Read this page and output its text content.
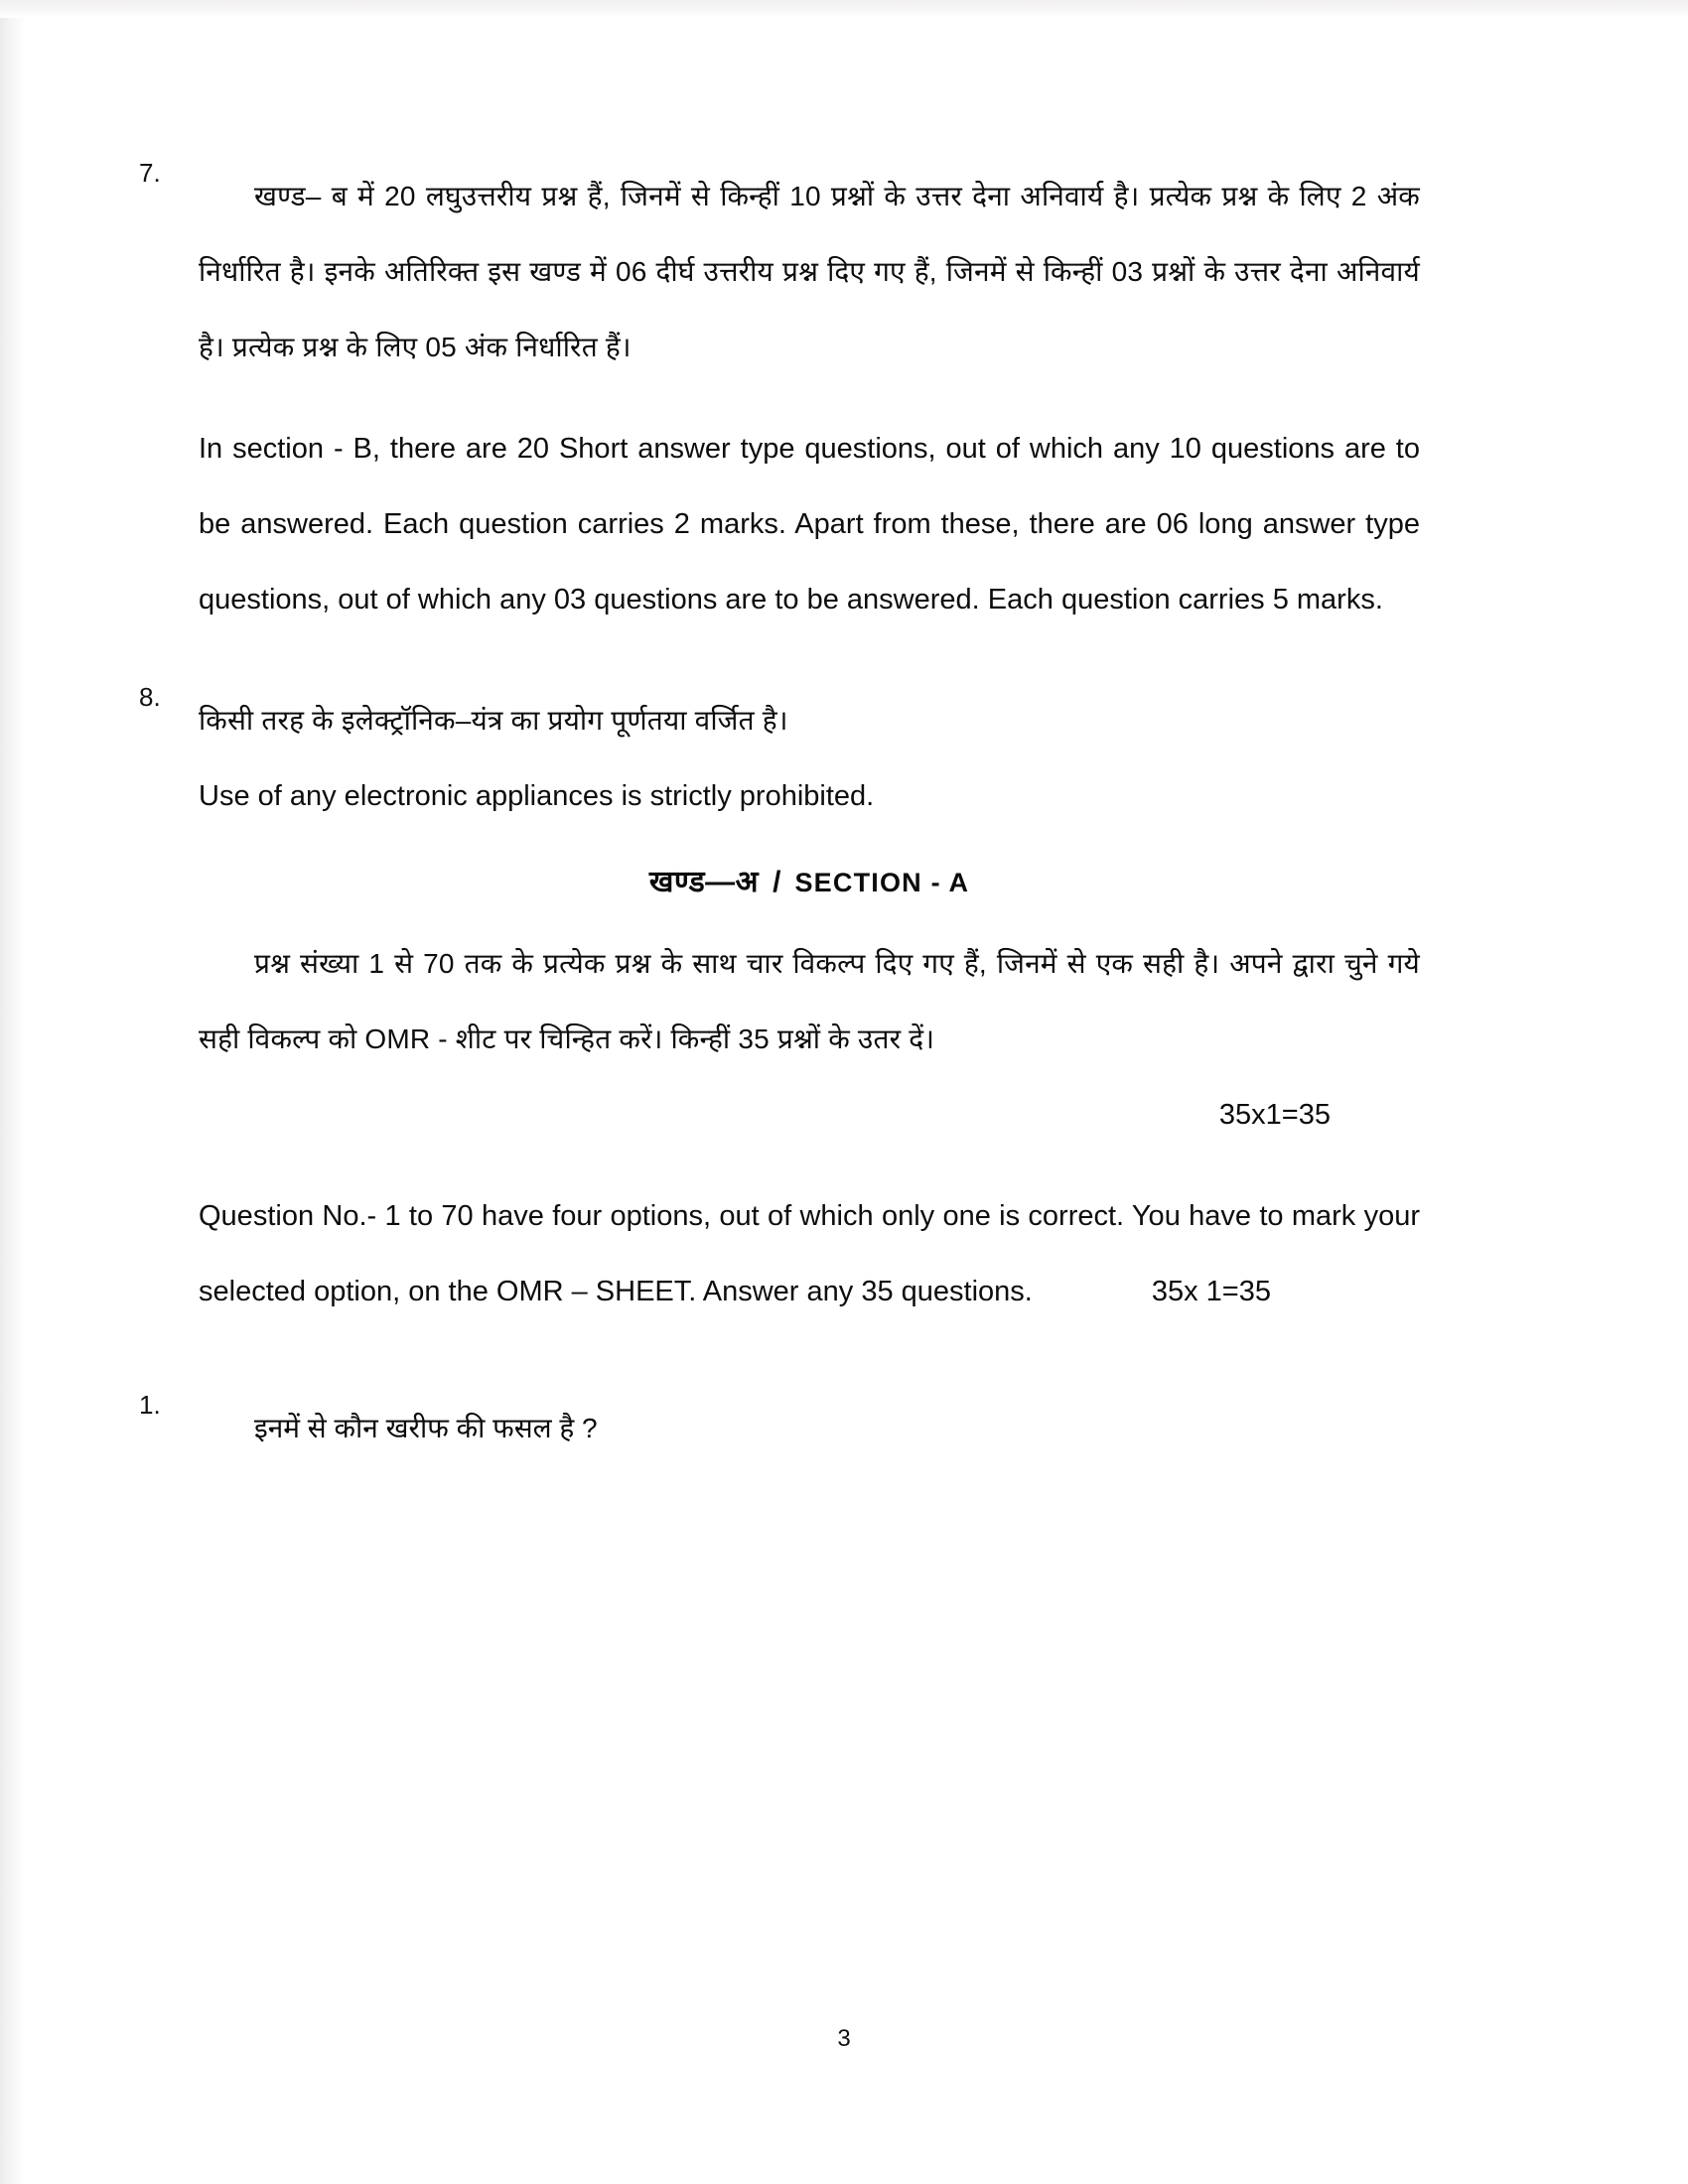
7.
खण्ड– ब में 20 लघुउत्तरीय प्रश्न हैं, जिनमें से किन्हीं 10 प्रश्नों के उत्तर देना अनिवार्य है। प्रत्येक प्रश्न के लिए 2 अंक निर्धारित है। इनके अतिरिक्त इस खण्ड में 06 दीर्घ उत्तरीय प्रश्न दिए गए हैं, जिनमें से किन्हीं 03 प्रश्नों के उत्तर देना अनिवार्य है। प्रत्येक प्रश्न के लिए 05 अंक निर्धारित हैं।
In section - B, there are 20 Short answer type questions, out of which any 10 questions are to be answered. Each question carries 2 marks. Apart from these, there are 06 long answer type questions, out of which any 03 questions are to be answered. Each question carries 5 marks.
8.
किसी तरह के इलेक्ट्रॉनिक–यंत्र का प्रयोग पूर्णतया वर्जित है।
Use of any electronic appliances is strictly prohibited.
खण्ड—अ / SECTION - A
प्रश्न संख्या 1 से 70 तक के प्रत्येक प्रश्न के साथ चार विकल्प दिए गए हैं, जिनमें से एक सही है। अपने द्वारा चुने गये सही विकल्प को OMR - शीट पर चिन्हित करें। किन्हीं 35 प्रश्नों के उतर दें।
35x1=35
Question No.- 1 to 70 have four options, out of which only one is correct. You have to mark your selected option, on the OMR – SHEET. Answer any 35 questions.	35x 1=35
1.
इनमें से कौन खरीफ की फसल है ?
3
